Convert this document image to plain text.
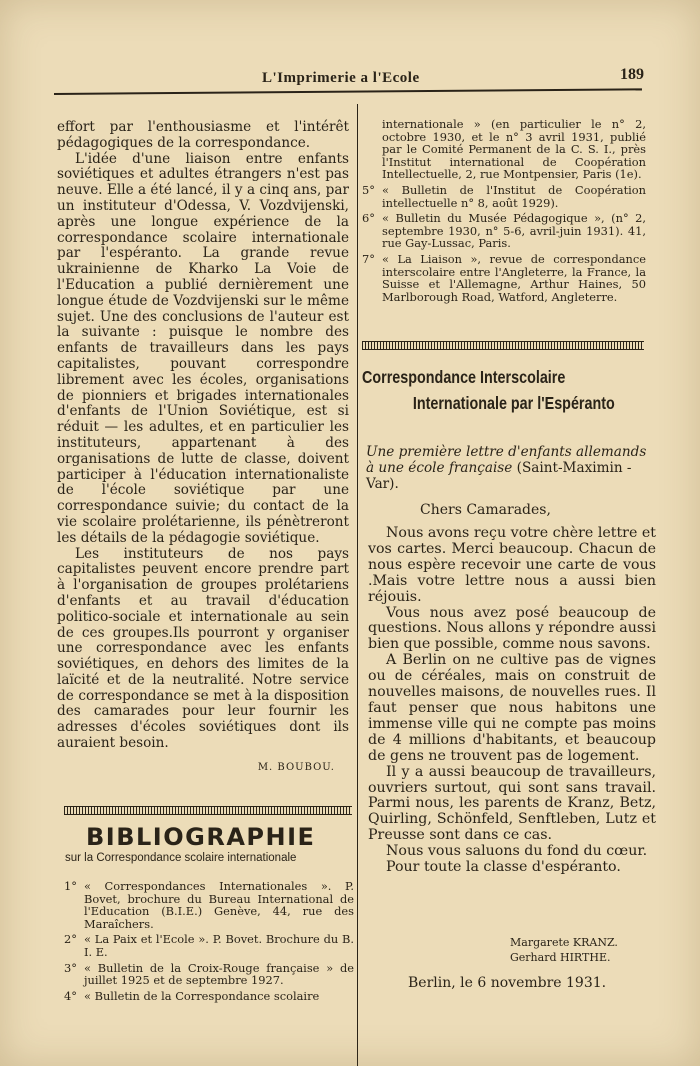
L'Imprimerie a l'Ecole	189

effort par l'enthousiasme et l'intérêt pédagogiques de la correspondance.

L'idée d'une liaison entre enfants soviétiques et adultes étrangers n'est pas neuve. Elle a été lancé, il y a cinq ans, par un instituteur d'Odessa, V. Vozdvijenski, après une longue expérience de la correspondance scolaire internationale par l'espéranto. La grande revue ukrainienne de Kharko La Voie de l'Education a publié dernièrement une longue étude de Vozdvijenski sur le même sujet. Une des conclusions de l'auteur est la suivante : puisque le nombre des enfants de travailleurs dans les pays capitalistes, pouvant correspondre librement avec les écoles, organisations de pionniers et brigades internationales d'enfants de l'Union Soviétique, est si réduit — les adultes, et en particulier les instituteurs, appartenant à des organisations de lutte de classe, doivent participer à l'éducation internationaliste de l'école soviétique par une correspondance suivie; du contact de la vie scolaire prolétarienne, ils pénètreront les détails de la pédagogie soviétique.

Les instituteurs de nos pays capitalistes peuvent encore prendre part à l'organisation de groupes prolétariens d'enfants et au travail d'éducation politico-sociale et internationale au sein de ces groupes.Ils pourront y organiser une correspondance avec les enfants soviétiques, en dehors des limites de la laïcité et de la neutralité. Notre service de correspondance se met à la disposition des camarades pour leur fournir les adresses d'écoles soviétiques dont ils auraient besoin.

M. BOUBOU.
BIBLIOGRAPHIE
sur la Correspondance scolaire internationale
1° « Correspondances Internationales ». P. Bovet, brochure du Bureau International de l'Education (B.I.E.) Genève, 44, rue des Maraîchers.
2° « La Paix et l'Ecole ». P. Bovet. Brochure du B. I. E.
3° « Bulletin de la Croix-Rouge française » de juillet 1925 et de septembre 1927.
4° « Bulletin de la Correspondance scolaire
internationale » (en particulier le n° 2, octobre 1930, et le n° 3 avril 1931, publié par le Comité Permanent de la C. S. I., près l'Institut international de Coopération Intellectuelle, 2, rue Montpensier, Paris (1e).
5° « Bulletin de l'Institut de Coopération intellectuelle n° 8, août 1929).
6° « Bulletin du Musée Pédagogique », (n° 2, septembre 1930, n° 5-6, avril-juin 1931). 41, rue Gay-Lussac, Paris.
7° « La Liaison », revue de correspondance interscolaire entre l'Angleterre, la France, la Suisse et l'Allemagne, Arthur Haines, 50 Marlborough Road, Watford, Angleterre.
Correspondance Interscolaire
Internationale par l'Espéranto
Une première lettre d'enfants allemands à une école française (Saint-Maximin - Var).
Chers Camarades,

Nous avons reçu votre chère lettre et vos cartes. Merci beaucoup. Chacun de nous espère recevoir une carte de vous .Mais votre lettre nous a aussi bien réjouis.

Vous nous avez posé beaucoup de questions. Nous allons y répondre aussi bien que possible, comme nous savons.

A Berlin on ne cultive pas de vignes ou de céréales, mais on construit de nouvelles maisons, de nouvelles rues. Il faut penser que nous habitons une immense ville qui ne compte pas moins de 4 millions d'habitants, et beaucoup de gens ne trouvent pas de logement.

Il y a aussi beaucoup de travailleurs, ouvriers surtout, qui sont sans travail. Parmi nous, les parents de Kranz, Betz, Quirling, Schönfeld, Senftleben, Lutz et Preusse sont dans ce cas.

Nous vous saluons du fond du cœur.

Pour toute la classe d'espéranto.

Margarete KRANZ.
Gerhard HIRTHE.
Berlin, le 6 novembre 1931.
